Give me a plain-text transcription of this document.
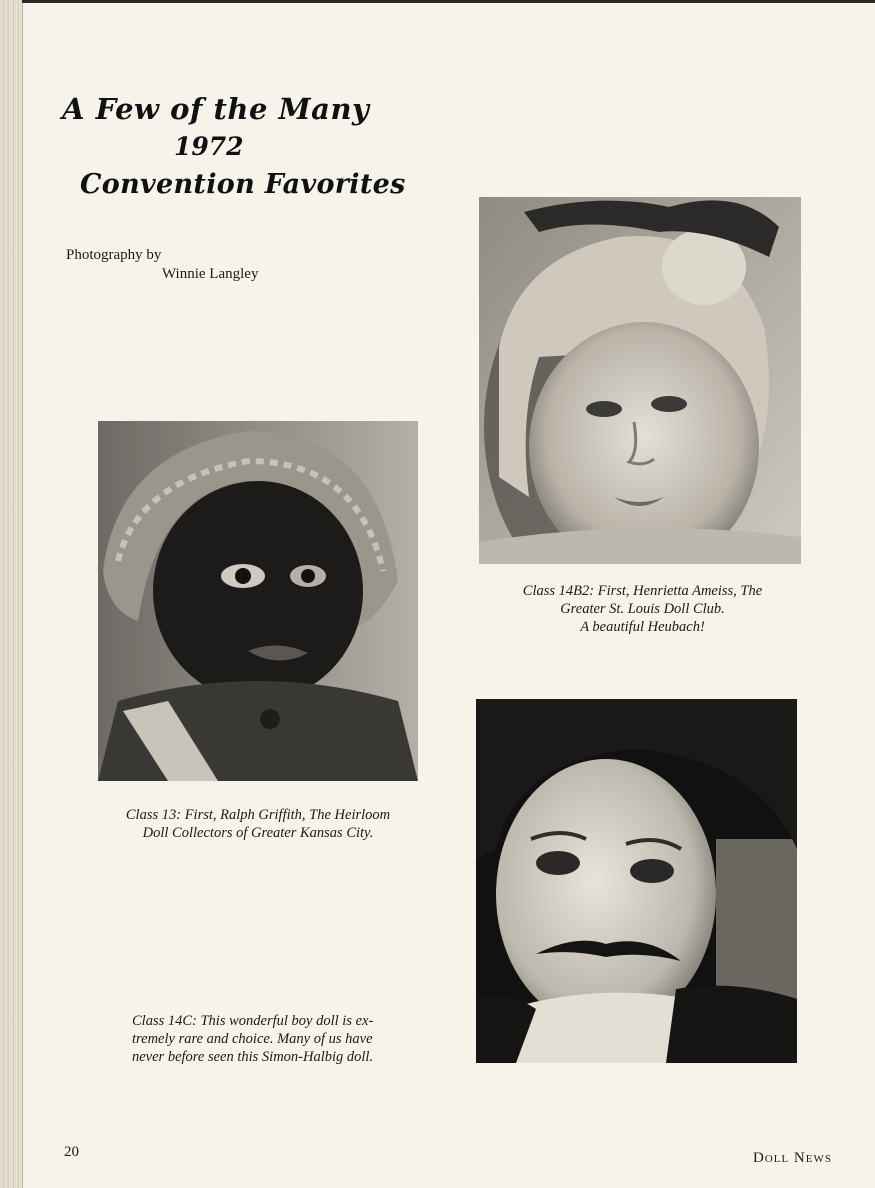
A Few of the Many
1972
Convention Favorites
Photography by
Winnie Langley
Class 14B2: First, Henrietta Ameiss, The
Greater St. Louis Doll Club.
A beautiful Heubach!
Class 13: First, Ralph Griffith, The Heirloom
Doll Collectors of Greater Kansas City.
Class 14C: This wonderful boy doll is ex-
tremely rare and choice. Many of us have
never before seen this Simon-Halbig doll.
20	Doll News
